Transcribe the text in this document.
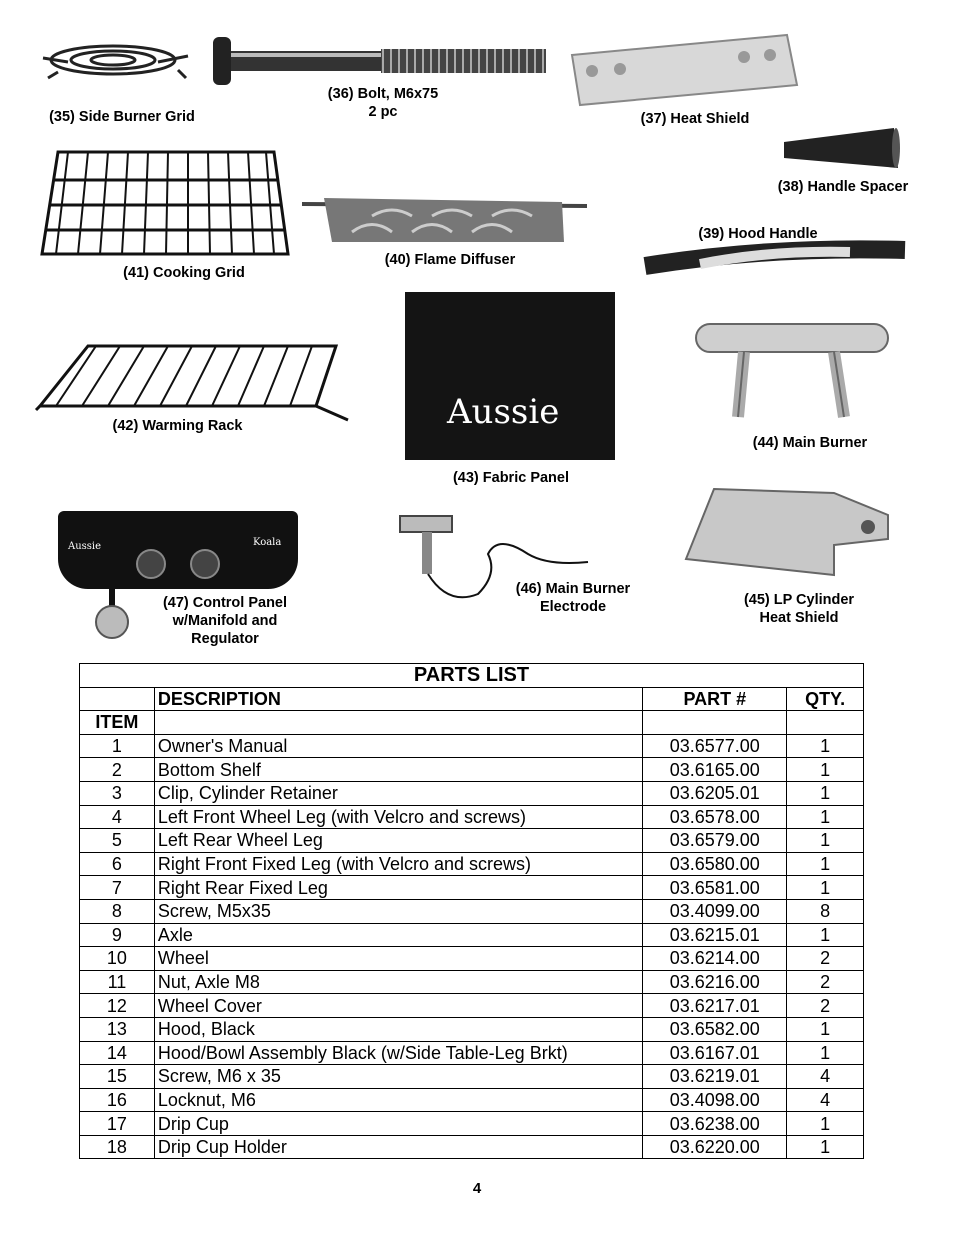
(35) Side Burner Grid
(36) Bolt, M6x75
2 pc	(37) Heat Shield
(38) Handle Spacer
(39) Hood Handle
(41) Cooking Grid
(40) Flame Diffuser
(42) Warming Rack	Aussie
(43) Fabric Panel
(44) Main Burner
Aussie	Koala
(47) Control Panel
w/Manifold and
Regulator
(46) Main Burner
Electrode	(45) LP Cylinder
Heat Shield
PARTS LIST			
	DESCRIPTION	PART #	QTY.
ITEM			
1	Owner's Manual	03.6577.00	1
2	Bottom Shelf	03.6165.00	1
3	Clip, Cylinder Retainer	03.6205.01	1
4	Left Front Wheel Leg (with Velcro and screws)	03.6578.00	1
5	Left Rear Wheel Leg	03.6579.00	1
6	Right Front Fixed Leg (with Velcro and screws)	03.6580.00	1
7	Right Rear Fixed Leg	03.6581.00	1
8	Screw, M5x35	03.4099.00	8
9	Axle	03.6215.01	1
10	Wheel	03.6214.00	2
11	Nut, Axle M8	03.6216.00	2
12	Wheel Cover	03.6217.01	2
13	Hood, Black	03.6582.00	1
14	Hood/Bowl Assembly Black (w/Side Table-Leg Brkt)	03.6167.01	1
15	Screw, M6 x 35	03.6219.01	4
16	Locknut, M6	03.4098.00	4
17	Drip Cup	03.6238.00	1
18	Drip Cup Holder	03.6220.00	1
4
